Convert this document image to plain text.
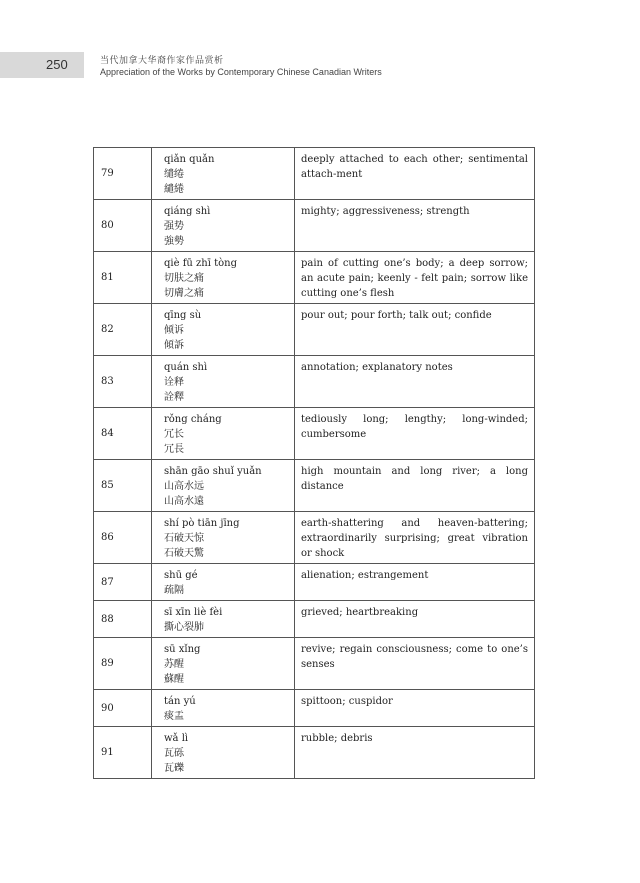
250	当代加拿大华裔作家作品赏析
Appreciation of the Works by Contemporary Chinese Canadian Writers
79	qiǎn quǎn
缱绻
繾綣	deeply attached to each other; sentimental attach-ment
80	qiáng shì
强势
強勢	mighty; aggressiveness; strength
81	qiè fū zhī tòng
切肤之痛
切膚之痛	pain of cutting one’s body; a deep sorrow; an acute pain; keenly - felt pain; sorrow like cutting one’s flesh
82	qīng sù
倾诉
傾訴	pour out; pour forth; talk out; confide
83	quán shì
诠释
詮釋	annotation; explanatory notes
84	rǒng cháng
冗长
冗長	tediously long; lengthy; long-winded; cumbersome
85	shān gāo shuǐ yuǎn
山高水远
山高水遠	high mountain and long river; a long distance
86	shí pò tiān jīng
石破天惊
石破天驚	earth-shattering and heaven-battering; extraordinarily surprising; great vibration or shock
87	shū gé
疏隔	alienation; estrangement
88	sī xīn liè fèi
撕心裂肺	grieved; heartbreaking
89	sū xǐng
苏醒
蘇醒	revive; regain consciousness; come to one’s senses
90	tán yú
痰盂	spittoon; cuspidor
91	wǎ lì
瓦砾
瓦礫	rubble; debris
